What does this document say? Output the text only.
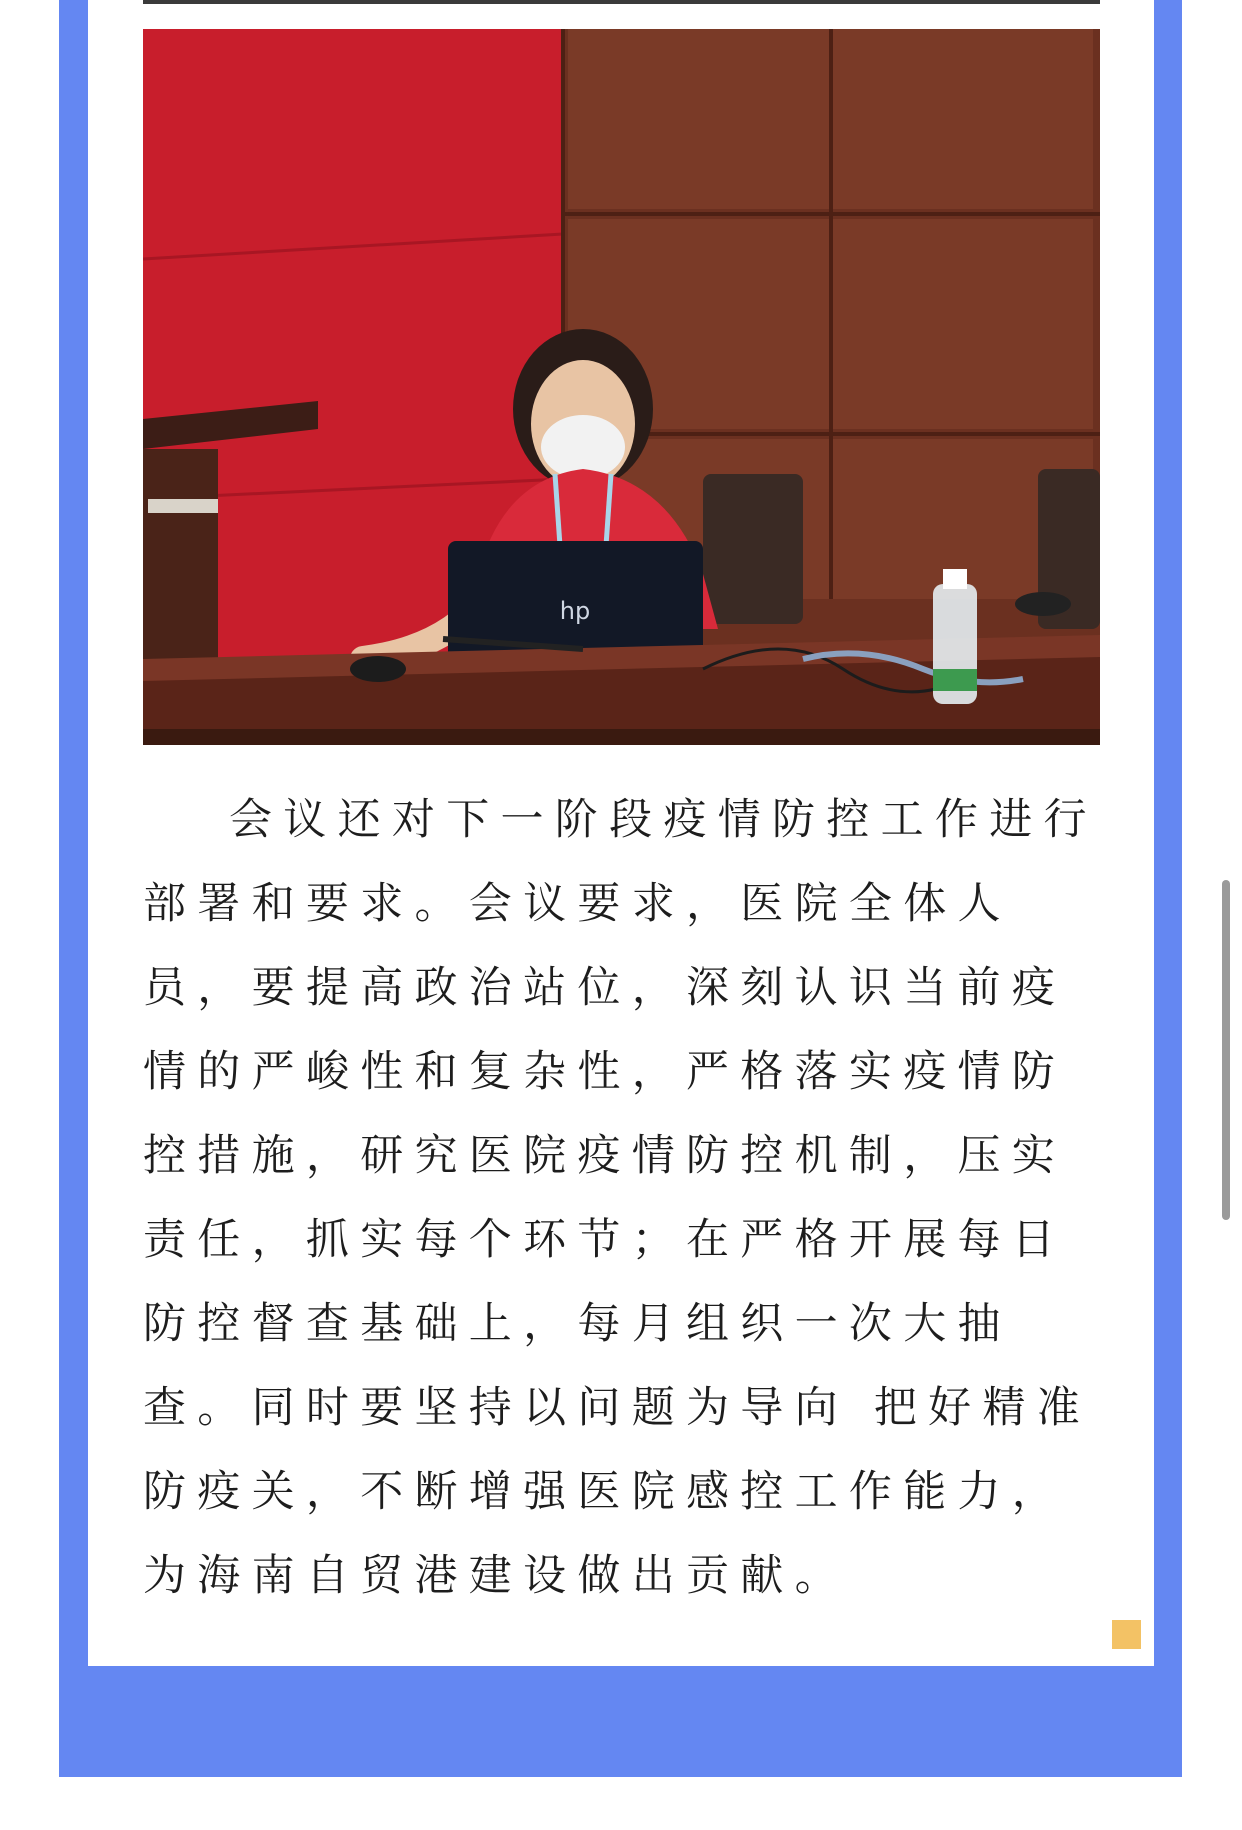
hp

会议还对下一阶段疫情防控工作进行部署和要求。会议要求，医院全体人员，要提高政治站位，深刻认识当前疫情的严峻性和复杂性，严格落实疫情防控措施，研究医院疫情防控机制，压实责任，抓实每个环节；在严格开展每日防控督查基础上，每月组织一次大抽查。同时要坚持以问题为导向 把好精准防疫关，不断增强医院感控工作能力，为海南自贸港建设做出贡献。
